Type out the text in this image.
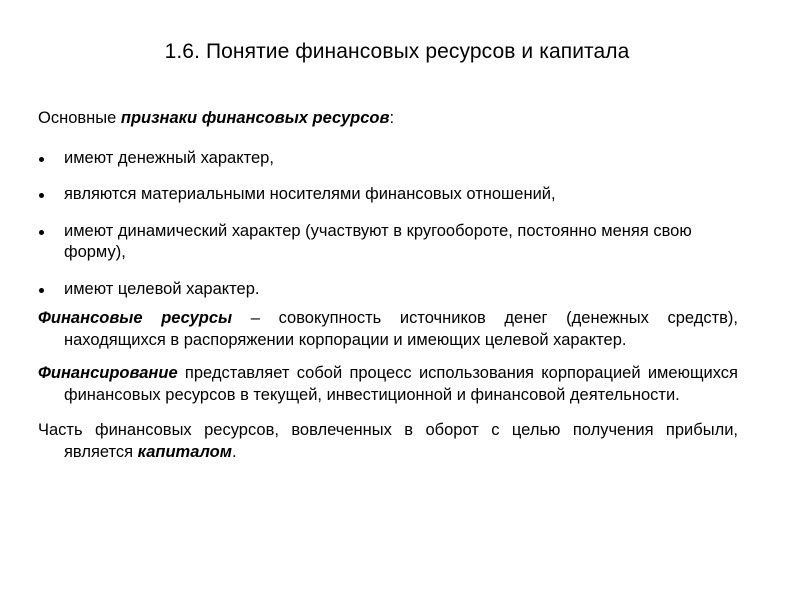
1.6. Понятие финансовых ресурсов и капитала

Основные признаки финансовых ресурсов:

имеют денежный характер,
являются материальными носителями финансовых отношений,
имеют динамический характер (участвуют в кругообороте, постоянно меняя свою форму),
имеют целевой характер.

Финансовые ресурсы – совокупность источников денег (денежных средств), находящихся в распоряжении корпорации и имеющих целевой характер.

Финансирование представляет собой процесс использования корпорацией имеющихся финансовых ресурсов в текущей, инвестиционной и финансовой деятельности.

Часть финансовых ресурсов, вовлеченных в оборот с целью получения прибыли, является капиталом.
